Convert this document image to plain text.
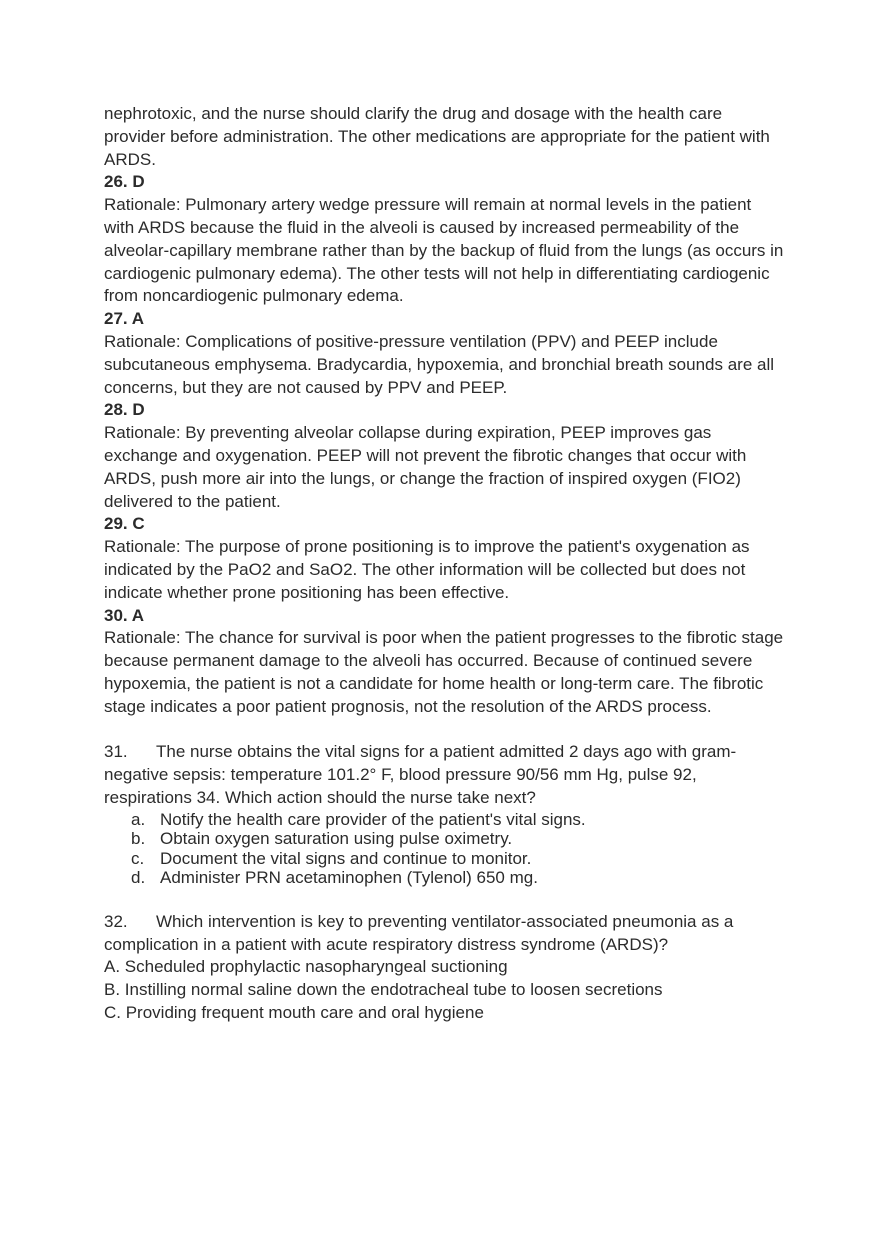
nephrotoxic, and the nurse should clarify the drug and dosage with the health care provider before administration. The other medications are appropriate for the patient with ARDS.

26. D

Rationale: Pulmonary artery wedge pressure will remain at normal levels in the patient with ARDS because the fluid in the alveoli is caused by increased permeability of the alveolar-capillary membrane rather than by the backup of fluid from the lungs (as occurs in cardiogenic pulmonary edema). The other tests will not help in differentiating cardiogenic from noncardiogenic pulmonary edema.

27. A

Rationale: Complications of positive-pressure ventilation (PPV) and PEEP include subcutaneous emphysema. Bradycardia, hypoxemia, and bronchial breath sounds are all concerns, but they are not caused by PPV and PEEP.

28. D

Rationale: By preventing alveolar collapse during expiration, PEEP improves gas exchange and oxygenation. PEEP will not prevent the fibrotic changes that occur with ARDS, push more air into the lungs, or change the fraction of inspired oxygen (FIO2) delivered to the patient.

29. C

Rationale: The purpose of prone positioning is to improve the patient's oxygenation as indicated by the PaO2 and SaO2. The other information will be collected but does not indicate whether prone positioning has been effective.

30. A

Rationale: The chance for survival is poor when the patient progresses to the fibrotic stage because permanent damage to the alveoli has occurred. Because of continued severe hypoxemia, the patient is not a candidate for home health or long-term care. The fibrotic stage indicates a poor patient prognosis, not the resolution of the ARDS process.

31. The nurse obtains the vital signs for a patient admitted 2 days ago with gram-negative sepsis: temperature 101.2° F, blood pressure 90/56 mm Hg, pulse 92, respirations 34. Which action should the nurse take next?

a. Notify the health care provider of the patient's vital signs.
b. Obtain oxygen saturation using pulse oximetry.
c. Document the vital signs and continue to monitor.
d. Administer PRN acetaminophen (Tylenol) 650 mg.

32. Which intervention is key to preventing ventilator-associated pneumonia as a complication in a patient with acute respiratory distress syndrome (ARDS)?

A. Scheduled prophylactic nasopharyngeal suctioning

B. Instilling normal saline down the endotracheal tube to loosen secretions

C. Providing frequent mouth care and oral hygiene
